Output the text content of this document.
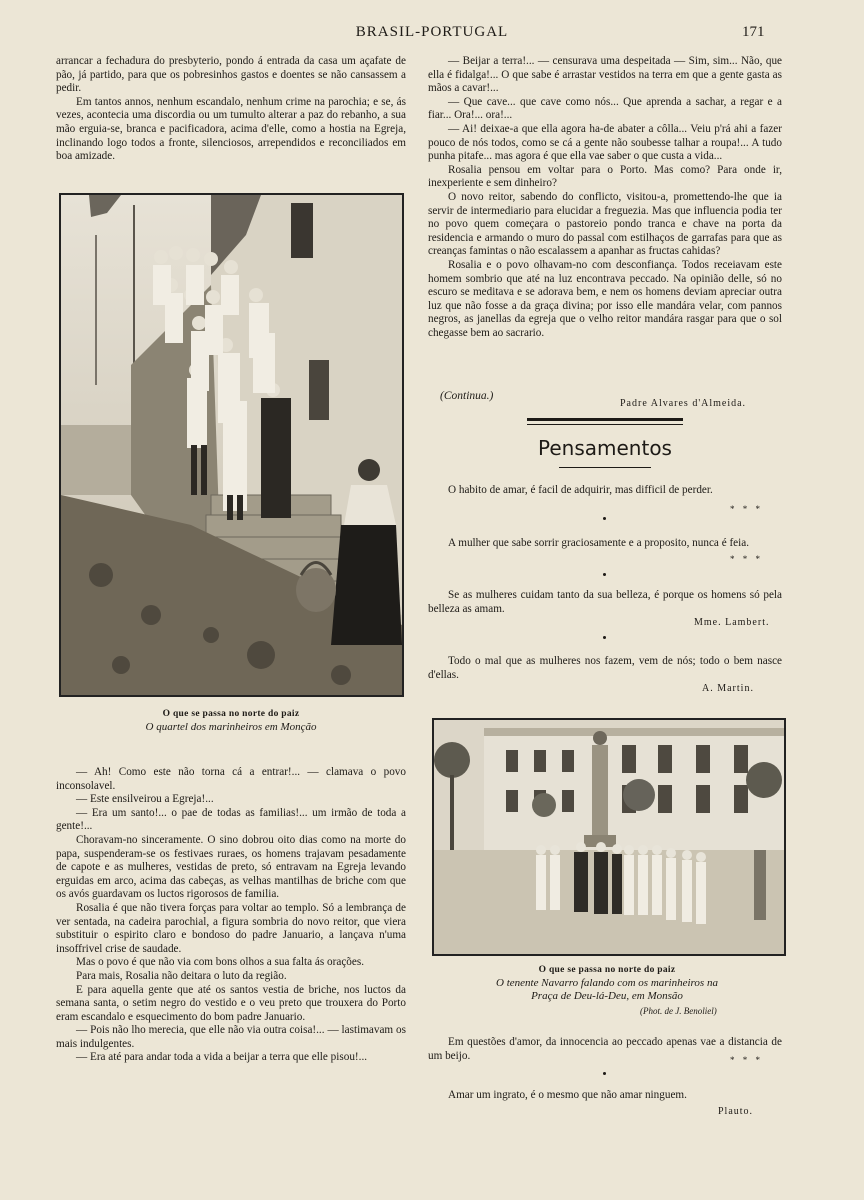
BRASIL-PORTUGAL	171

arrancar a fechadura do presbyterio, pondo á entrada da casa um açafate de pão, já partido, para que os pobresinhos gastos e doentes se não cansassem a pedir.

Em tantos annos, nenhum escandalo, nenhum crime na parochia; e se, ás vezes, acontecia uma discordia ou um tumulto alterar a paz do rebanho, a sua mão erguia-se, branca e pacificadora, acima d'elle, como a hostia na Egreja, inclinando logo todos a fronte, silenciosos, arrependidos e reconciliados em boa amizade.

O que se passa no norte do paiz
O quartel dos marinheiros em Monção

— Ah! Como este não torna cá a entrar!... — clamava o povo inconsolavel.

— Este ensilveirou a Egreja!...

— Era um santo!... o pae de todas as familias!... um irmão de toda a gente!...

Choravam-no sinceramente. O sino dobrou oito dias como na morte do papa, suspenderam-se os festivaes ruraes, os homens trajavam pesadamente de capote e as mulheres, vestidas de preto, só entravam na Egreja levando erguidas em arco, acima das cabeças, as velhas mantilhas de briche com que os avós guardavam os luctos rigorosos de familia.

Rosalia é que não tivera forças para voltar ao templo. Só a lembrança de ver sentada, na cadeira parochial, a figura sombria do novo reitor, que viera substituir o espirito claro e bondoso do padre Januario, a lançava n'uma insoffrivel crise de saudade.

Mas o povo é que não via com bons olhos a sua falta ás orações.

Para mais, Rosalia não deitara o luto da região.

E para aquella gente que até os santos vestia de briche, nos luctos da semana santa, o setim negro do vestido e o veu preto que trouxera do Porto eram escandalo e esquecimento do bom padre Januario.

— Pois não lho merecia, que elle não via outra coisa!... — lastimavam os mais indulgentes.

— Era até para andar toda a vida a beijar a terra que elle pisou!...

— Beijar a terra!... — censurava uma despeitada — Sim, sim... Não, que ella é fidalga!... O que sabe é arrastar vestidos na terra em que a gente gasta as mãos a cavar!...

— Que cave... que cave como nós... Que aprenda a sachar, a regar e a fiar... Ora!... ora!...

— Ai! deixae-a que ella agora ha-de abater a côlla... Veiu p'rá ahi a fazer pouco de nós todos, como se cá a gente não soubesse talhar a roupa!... A tudo punha pitafe... mas agora é que ella vae saber o que custa a vida...

Rosalia pensou em voltar para o Porto. Mas como? Para onde ir, inexperiente e sem dinheiro?

O novo reitor, sabendo do conflicto, visitou-a, promettendo-lhe que ia servir de intermediario para elucidar a freguezia. Mas que influencia podia ter no povo quem começara o pastoreio pondo tranca e chave na porta da residencia e armando o muro do passal com estilhaços de garrafas para que as creanças famintas o não escalassem a apanhar as fructas cahidas?

Rosalia e o povo olhavam-no com desconfiança. Todos receiavam este homem sombrio que até na luz encontrava peccado. Na opinião delle, só no escuro se meditava e se adorava bem, e nem os homens deviam apreciar outra luz que não fosse a da graça divina; por isso elle mandára velar, com pannos negros, as janellas da egreja que o velho reitor mandára rasgar para que o sol chegasse bem ao sacrario.

(Continua.)
Padre Alvares d'Almeida.
Pensamentos

O habito de amar, é facil de adquirir, mas difficil de perder.

* * *

A mulher que sabe sorrir graciosamente e a proposito, nunca é feia.

* * *

Se as mulheres cuidam tanto da sua belleza, é porque os homens só pela belleza as amam.

Mme. Lambert.

Todo o mal que as mulheres nos fazem, vem de nós; todo o bem nasce d'ellas.

A. Martin.
O que se passa no norte do paiz
O tenente Navarro falando com os marinheiros na Praça de Deu-lá-Deu, em Monsão
(Phot. de J. Benoliel)

Em questões d'amor, da innocencia ao peccado apenas vae a distancia de um beijo.	* * *

Amar um ingrato, é o mesmo que não amar ninguem.

Plauto.
